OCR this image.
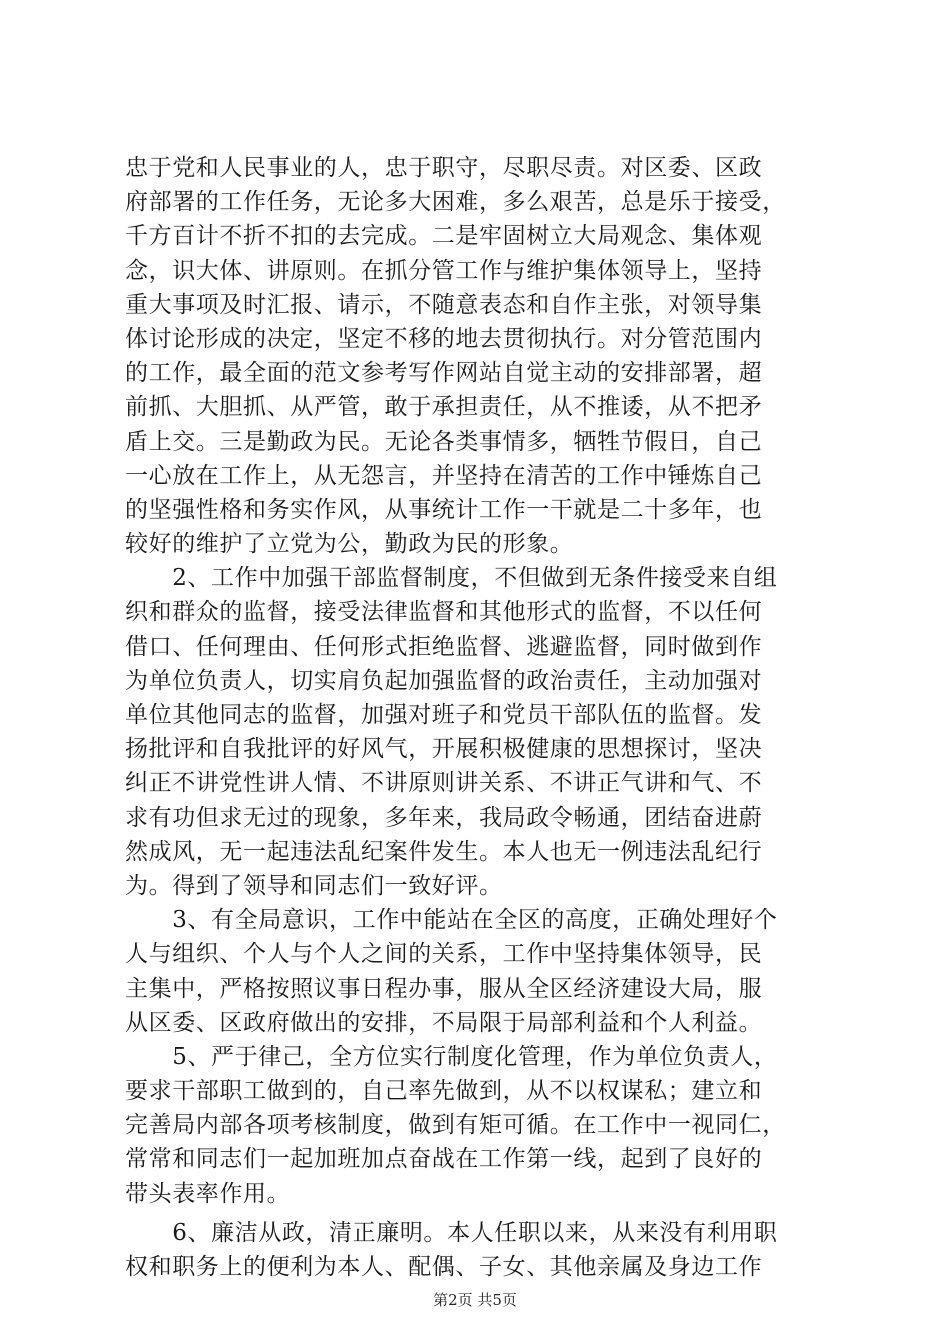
忠于党和人民事业的人，忠于职守，尽职尽责。对区委、区政
府部署的工作任务，无论多大困难，多么艰苦，总是乐于接受，
千方百计不折不扣的去完成。二是牢固树立大局观念、集体观
念，识大体、讲原则。在抓分管工作与维护集体领导上，坚持
重大事项及时汇报、请示，不随意表态和自作主张，对领导集
体讨论形成的决定，坚定不移的地去贯彻执行。对分管范围内
的工作，最全面的范文参考写作网站自觉主动的安排部署，超
前抓、大胆抓、从严管，敢于承担责任，从不推诿，从不把矛
盾上交。三是勤政为民。无论各类事情多，牺牲节假日，自己
一心放在工作上，从无怨言，并坚持在清苦的工作中锤炼自己
的坚强性格和务实作风，从事统计工作一干就是二十多年，也
较好的维护了立党为公，勤政为民的形象。
　　2、工作中加强干部监督制度，不但做到无条件接受来自组
织和群众的监督，接受法律监督和其他形式的监督，不以任何
借口、任何理由、任何形式拒绝监督、逃避监督，同时做到作
为单位负责人，切实肩负起加强监督的政治责任，主动加强对
单位其他同志的监督，加强对班子和党员干部队伍的监督。发
扬批评和自我批评的好风气，开展积极健康的思想探讨，坚决
纠正不讲党性讲人情、不讲原则讲关系、不讲正气讲和气、不
求有功但求无过的现象，多年来，我局政令畅通，团结奋进蔚
然成风，无一起违法乱纪案件发生。本人也无一例违法乱纪行
为。得到了领导和同志们一致好评。
　　3、有全局意识，工作中能站在全区的高度，正确处理好个
人与组织、个人与个人之间的关系，工作中坚持集体领导，民
主集中，严格按照议事日程办事，服从全区经济建设大局，服
从区委、区政府做出的安排，不局限于局部利益和个人利益。
　　5、严于律己，全方位实行制度化管理，作为单位负责人，
要求干部职工做到的，自己率先做到，从不以权谋私；建立和
完善局内部各项考核制度，做到有矩可循。在工作中一视同仁，
常常和同志们一起加班加点奋战在工作第一线，起到了良好的
带头表率作用。
　　6、廉洁从政，清正廉明。本人任职以来，从来没有利用职
权和职务上的便利为本人、配偶、子女、其他亲属及身边工作
第2页 共5页
